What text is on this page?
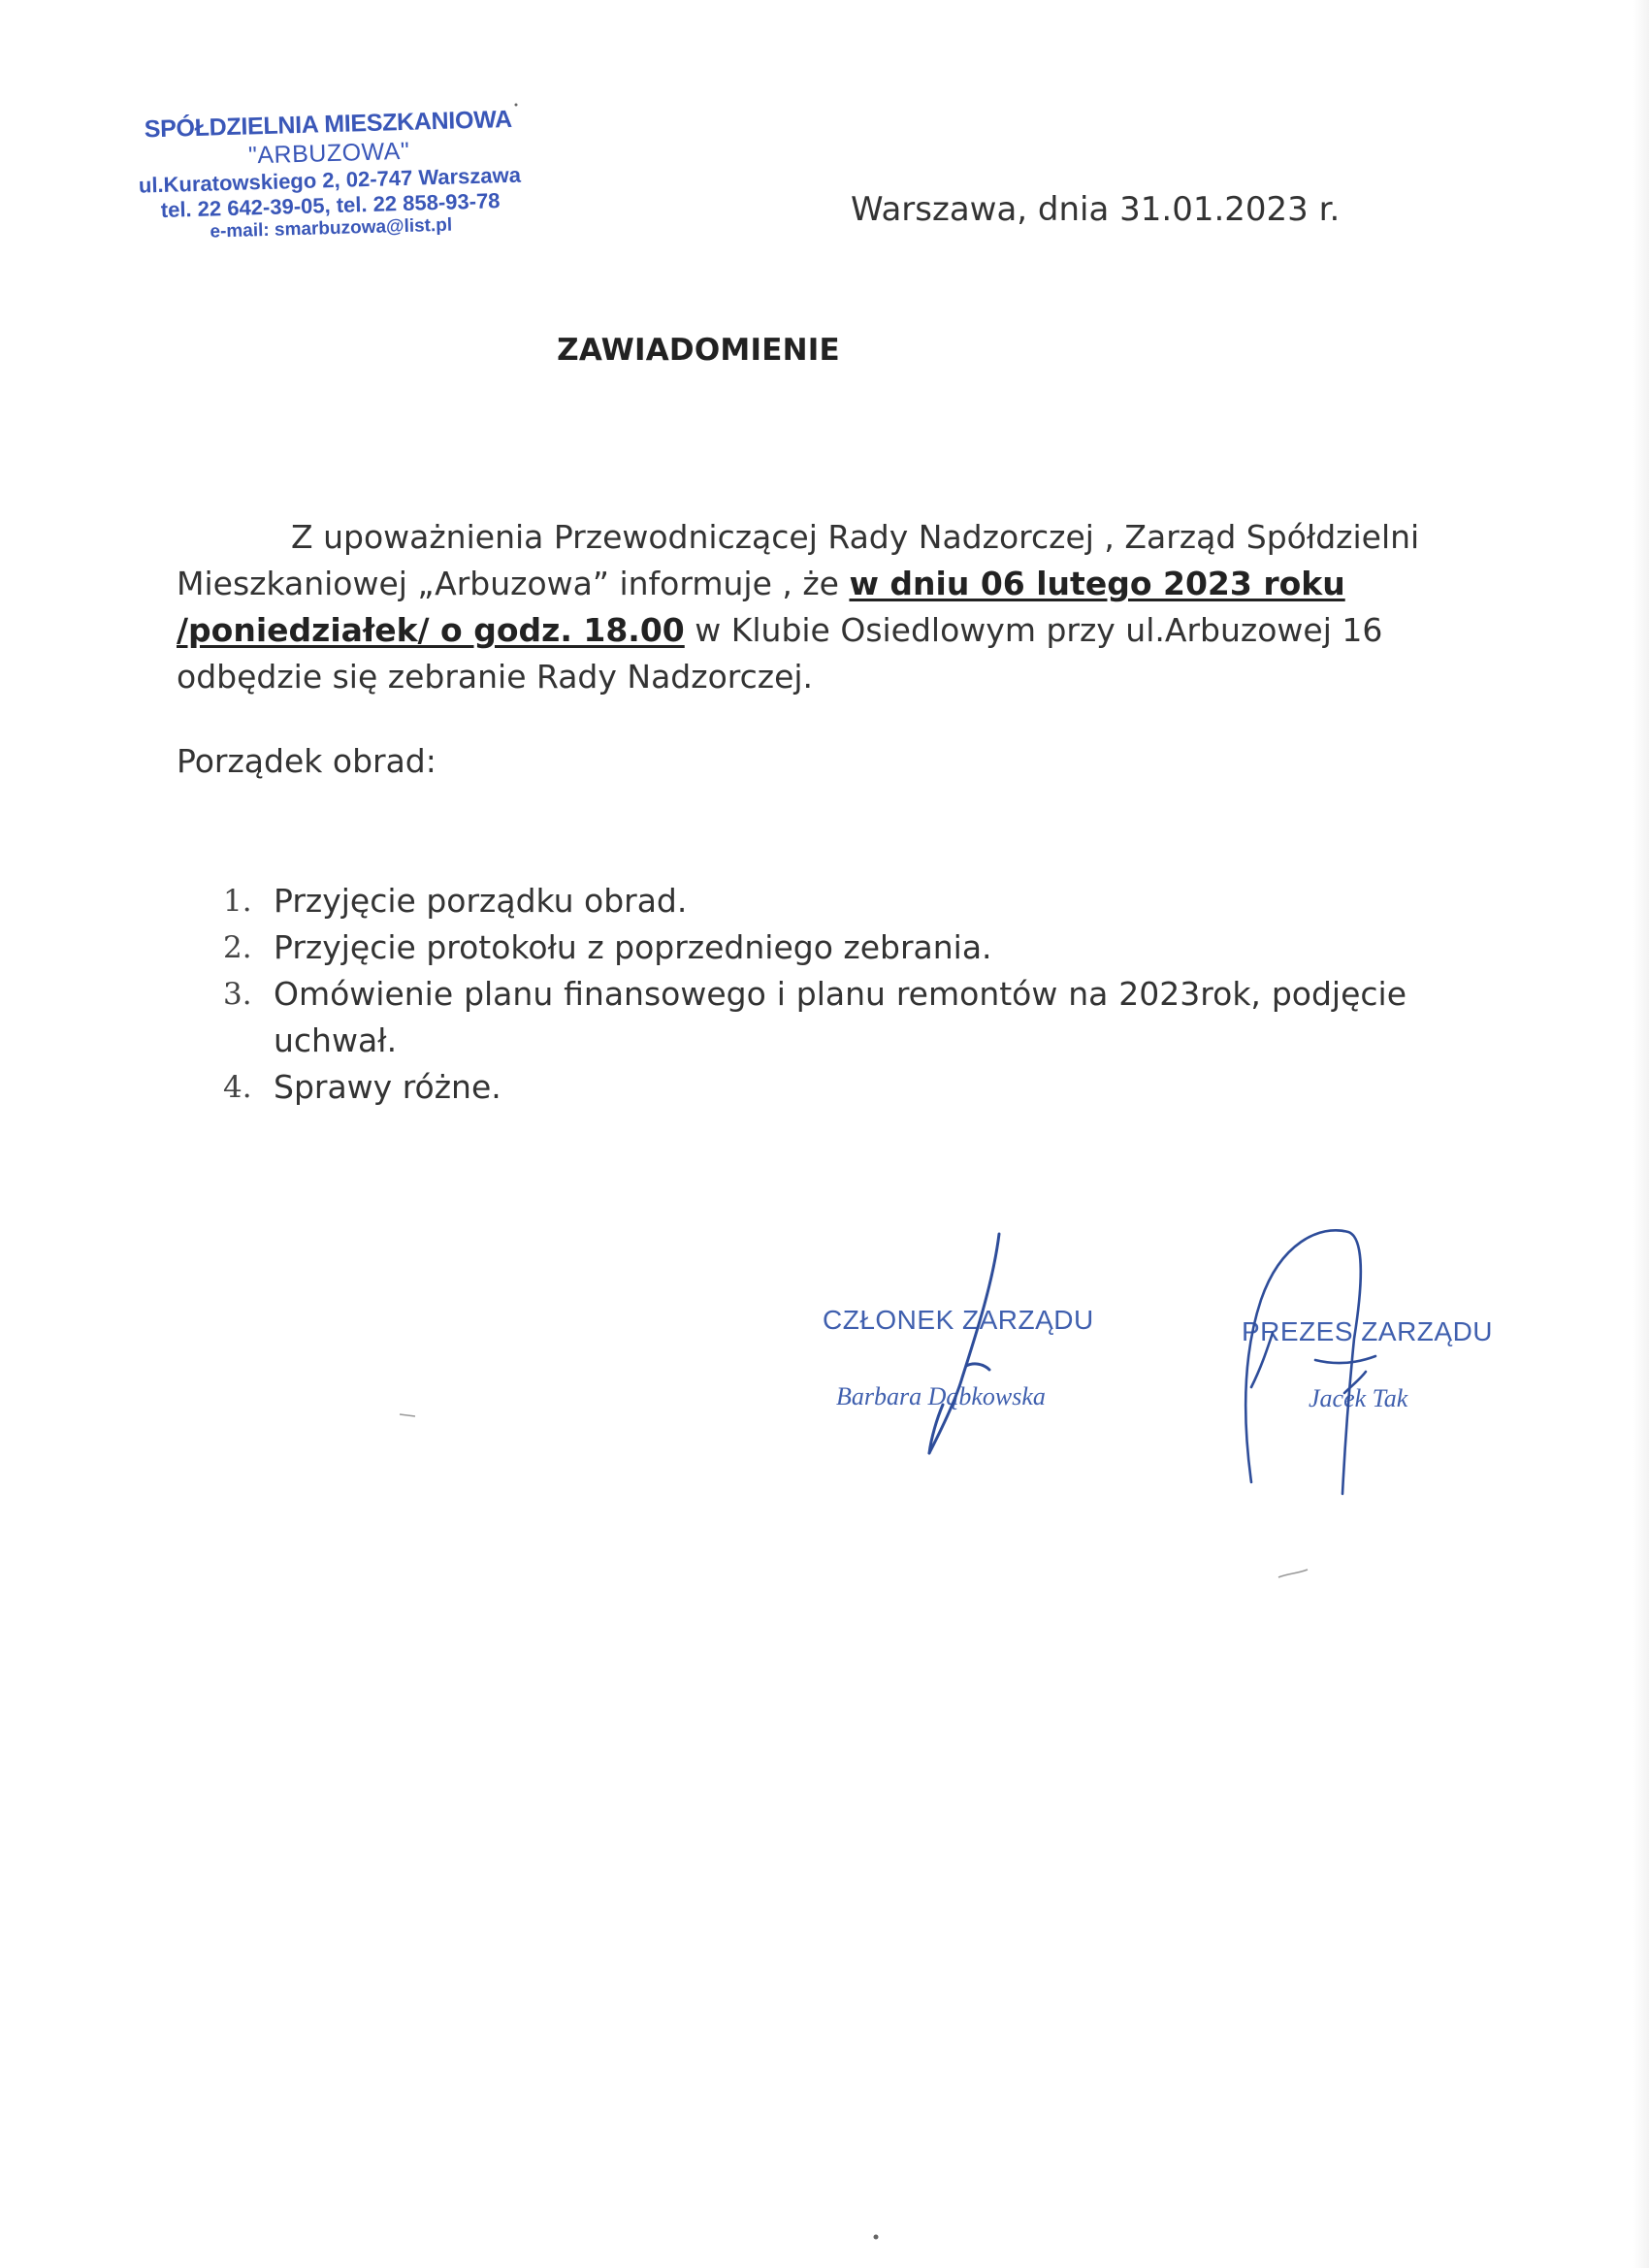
SPÓŁDZIELNIA MIESZKANIOWA
"ARBUZOWA"
ul.Kuratowskiego 2, 02-747 Warszawa
tel. 22 642-39-05, tel. 22 858-93-78
e-mail: smarbuzowa@list.pl	Warszawa, dnia 31.01.2023 r.
ZAWIADOMIENIE
Z upoważnienia Przewodniczącej Rady Nadzorczej , Zarząd Spółdzielni
Mieszkaniowej „Arbuzowa” informuje , że w dniu 06 lutego 2023 roku
/poniedziałek/ o godz. 18.00 w Klubie Osiedlowym przy ul.Arbuzowej 16
odbędzie się zebranie Rady Nadzorczej.
Porządek obrad:
1. Przyjęcie porządku obrad.
2. Przyjęcie protokołu z poprzedniego zebrania.
3. Omówienie planu finansowego i planu remontów na 2023rok, podjęcie
uchwał.
4. Sprawy różne.
CZŁONEK ZARZĄDU
Barbara Dąbkowska
PREZES ZARZĄDU
Jacek Tak
